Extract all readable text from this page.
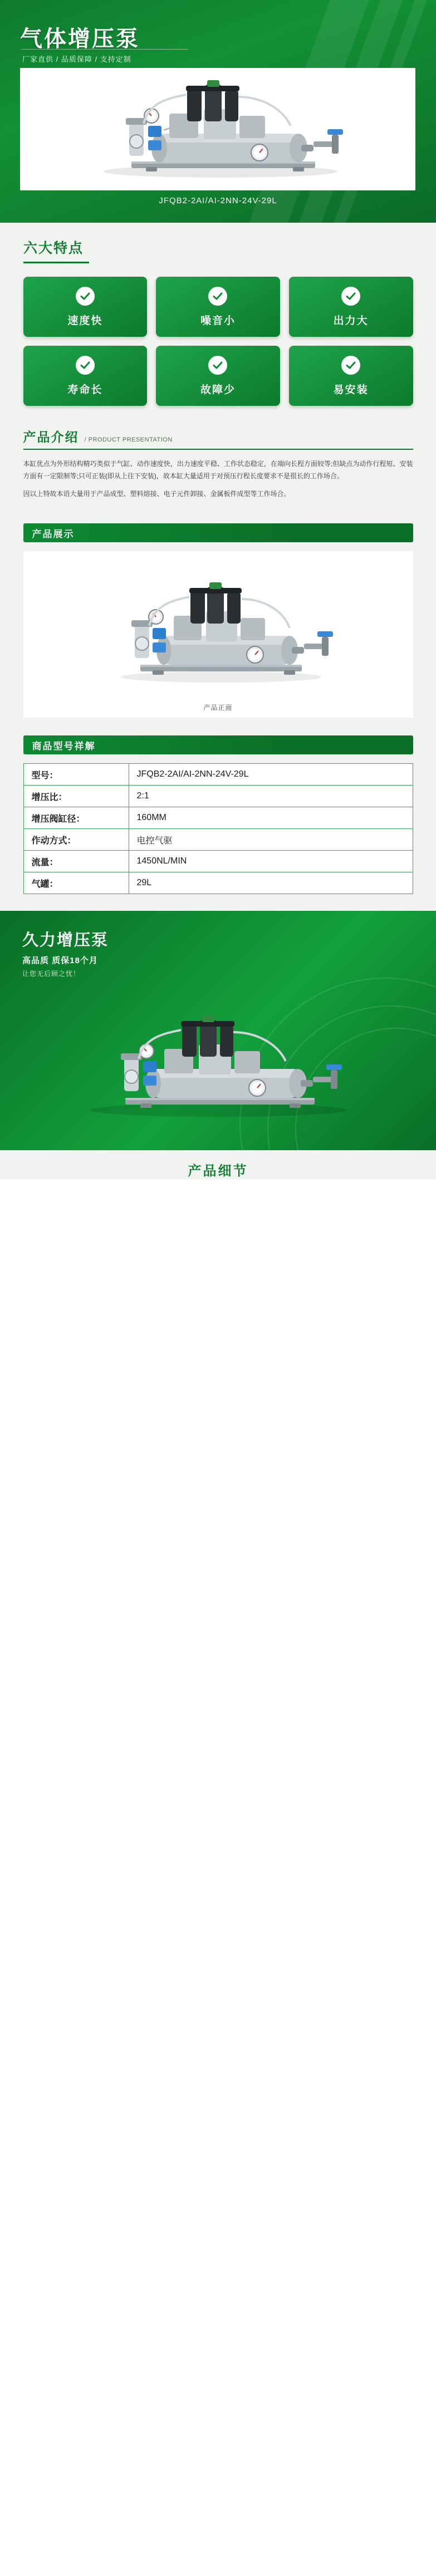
气体增压泵
厂家直供 / 品质保障 / 支持定制
JFQB2-2AI/AI-2NN-24V-29L
六大特点
速度快	噪音小	出力大
寿命长	故障少	易安装
产品介绍 / PRODUCT PRESENTATION

本缸优点为外形结构精巧类似于气缸、动作速度快，出力速度平稳、工作状态稳定，在端向长程方面较等;但缺点为动作行程短、安装方面有一定限制等;只可正装(即从上往下安装)，故本缸大量适用于对预压行程长度要求不是很长的工作场合。

因以上特故本语大量用于产品成型、塑料熔接、电子元件卸接、金属板件成型等工作场合。

产品展示
产品正面
商品型号祥解
型号：	JFQB2-2AI/AI-2NN-24V-29L
增压比：	2:1
增压阀缸径：	160MM
作动方式：	电控气驱
流量：	1450NL/MIN
气罐：	29L
久力增压泵
高品质 质保18个月
让您无后顾之忧！
产品细节
